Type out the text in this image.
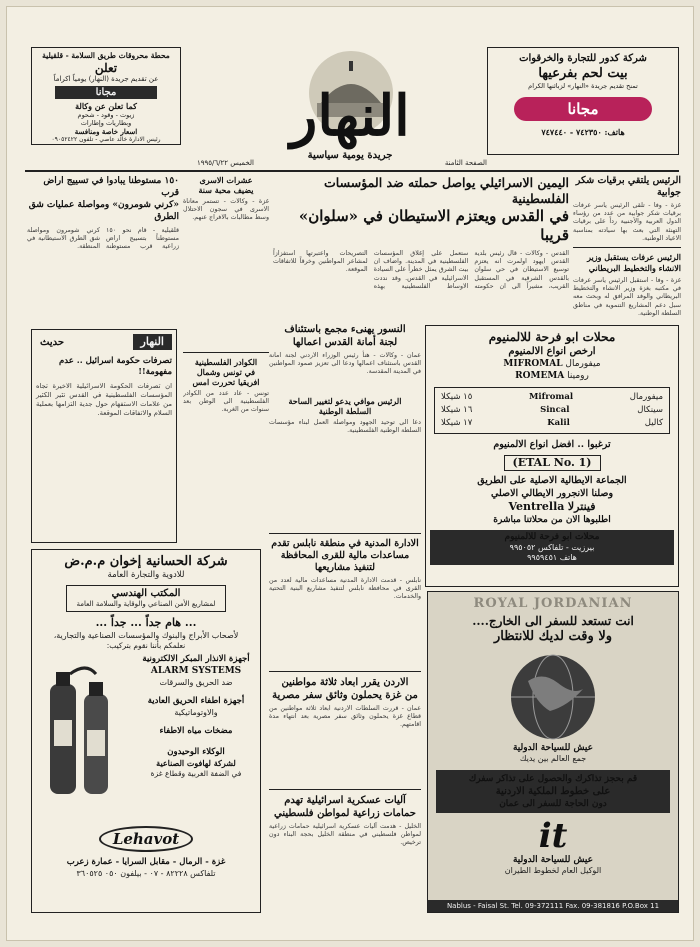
محطة محروقات طريق السلامة - قلقيلية
تعلن
عن تقديم جريدة (النهار) يومياً اكراماً
مجانا
كما تعلن عن وكالة
زيوت - وقود - شحوم
وبطاريات وإطارات
اسعار خاصة ومنافسة
رئيس الادارة خالد عاصي - تلفون ٠٩٠٥٢٤٢٢	النهار
جريدة يومية سياسية
شركة كدور للتجارة والخرقوات
بيت لحم بفرعيها
تمنح تقديم جريدة «النهار» لزبائنها الكرام
مجانا
هاتف: ٧٤٢٣٥٠ - ٧٤٧٤٤٠
الصفحة الثامنة
الخميس ١٩٩٥/٦/٢٢
الرئيس يلتقي برقيات شكر جوابية
غزة - وفا - تلقى الرئيس ياسر عرفات برقيات شكر جوابية من عدد من رؤساء الدول العربية والأجنبية رداً على برقيات التهنئة التي بعث بها سيادته بمناسبة الاعياد الوطنية.
الرئيس عرفات يستقبل وزير الانشاء والتخطيط البريطاني
غزة - وفا - استقبل الرئيس ياسر عرفات في مكتبه بغزة وزير الانشاء والتخطيط البريطاني والوفد المرافق له وبحث معه سبل دعم المشاريع التنموية في مناطق السلطة الوطنية.
اليمين الاسرائيلي يواصل حملته ضد المؤسسات الفلسطينية
في القدس ويعتزم الاستيطان في «سلوان» قريبا
القدس - وكالات - قال رئيس بلدية القدس ايهود اولمرت انه يعتزم توسيع الاستيطان في حي سلوان بالقدس الشرقية في المستقبل القريب، مشيراً الى ان حكومته ستعمل على إغلاق المؤسسات الفلسطينية في المدينة. واضاف ان بيت الشرق يمثل خطراً على السيادة الاسرائيلية في القدس. وقد نددت الاوساط الفلسطينية بهذه التصريحات واعتبرتها استفزازاً لمشاعر المواطنين وخرقاً للاتفاقات الموقعة.
عشرات الاسرى
يضيف محبة سنة
غزة - وكالات - تستمر معاناة الاسرى في سجون الاحتلال وسط مطالبات بالافراج عنهم.
الكوادر الفلسطينية
في تونس وشمال
افريقيا تحررت امس
تونس - عاد عدد من الكوادر الفلسطينية الى الوطن بعد سنوات من الغربة.
١٥٠ مستوطنا يبادوا في تسييج اراض قرب
«كرني شومرون» ومواصلة عمليات شق الطرق
قلقيلية - قام نحو ١٥٠ مستوطناً بتسييج اراض زراعية قرب مستوطنة كرني شومرون ومواصلة شق الطرق الاستيطانية في المنطقة.
النهار
حديث
تصرفات حكومة اسرائيل .. عدم مفهومة!!
ان تصرفات الحكومة الاسرائيلية الاخيرة تجاه المؤسسات الفلسطينية في القدس تثير الكثير من علامات الاستفهام حول جدية التزامها بعملية السلام والاتفاقات الموقعة.
النسور يهنىء مجمع باستئناف
لجنة أمانة القدس اعمالها
عمان - وكالات - هنأ رئيس الوزراء الاردني لجنة امانة القدس باستئناف اعمالها ودعا الى تعزيز صمود المواطنين في المدينة المقدسة.
الرئيس موافي يدعو لتغيير الساحة
السلطة الوطنية
دعا الى توحيد الجهود ومواصلة العمل لبناء مؤسسات السلطة الوطنية الفلسطينية.
الادارة المدنية في منطقة نابلس تقدم
مساعدات مالية للقرى المحافظة لتنفيذ مشاريعها
نابلس - قدمت الادارة المدنية مساعدات مالية لعدد من القرى في محافظة نابلس لتنفيذ مشاريع البنية التحتية والخدمات.
الاردن يقرر ابعاد ثلاثة مواطنين
من غزة يحملون وثائق سفر مصرية
عمان - قررت السلطات الاردنية ابعاد ثلاثة مواطنين من قطاع غزة يحملون وثائق سفر مصرية بعد انتهاء مدة اقامتهم.
آليات عسكرية اسرائيلية تهدم
حمامات زراعية لمواطن فلسطيني
الخليل - هدمت آليات عسكرية اسرائيلية حمامات زراعية لمواطن فلسطيني في منطقة الخليل بحجة البناء دون ترخيص.
محلات ابو فرحة للالمنيوم
ارخص انواع الالمنيوم
ميفورمال MIFROMAL
رومينا ROMEMA
ميفورمال
Mifromal
١٥ شيكلا
سينكال
Sincal
١٦ شيكلا
كاليل
Kalil
١٧ شيكلا
ترغبوا .. افضل انواع الالمنيوم
(ETAL No. 1)
الجماعة الايطالية الاصلية على الطريق
وصلنا الانجرور الايطالي الاصلي
فينترلا Ventrella
اطلبوها الان من محلاتنا مباشرة
محلات ابو فرحة للالمنيوم
بيرزيت - تلفاكس ٩٩٥٠٥٢
هاتف ٩٩٥٩٤٥١
ROYAL JORDANIAN
انت تستعد للسفر الى الخارج....
ولا وقت لديك للانتظار
عيش للسياحة الدولية
جمع العالم بين يديك
قم بحجز تذاكرك والحصول على تذاكر سفرك
على خطوط الملكية الاردنية
دون الحاجة للسفر الى عمان
it
عيش للسياحة الدولية
الوكيل العام لخطوط الطيران
Nablus - Faisal St. Tel. 09-372111 Fax. 09-381816 P.O.Box 11
شركة الحسانية إخوان م.م.ض
للادوية والتجارة العامة
المكتب الهندسي
لمشاريع الأمن الصناعي والوقاية والسلامة العامة
... هام جداً ... جداً ...
لأصحاب الأبراج والبنوك والمؤسسات الصناعية والتجارية،
نعلمكم بأننا نقوم بتركيب:
أجهزة الانذار المبكر الالكترونية
ALARM SYSTEMS
ضد الحريق والسرقات
أجهزة اطفاء الحريق العادية
والاوتوماتيكية
مضخات مياه الاطفاء
الوكلاء الوحيدون
لشركة لهافوت الصناعية
في الضفة الغربية وقطاع غزة
Lehavot
غزة - الرمال - مقابل السرايا - عمارة زعرب
تلفاكس ٨٢٢٢٨ - ٠٧ - بيلفون ٠٥٠ ٣٦٠٥٢٥
